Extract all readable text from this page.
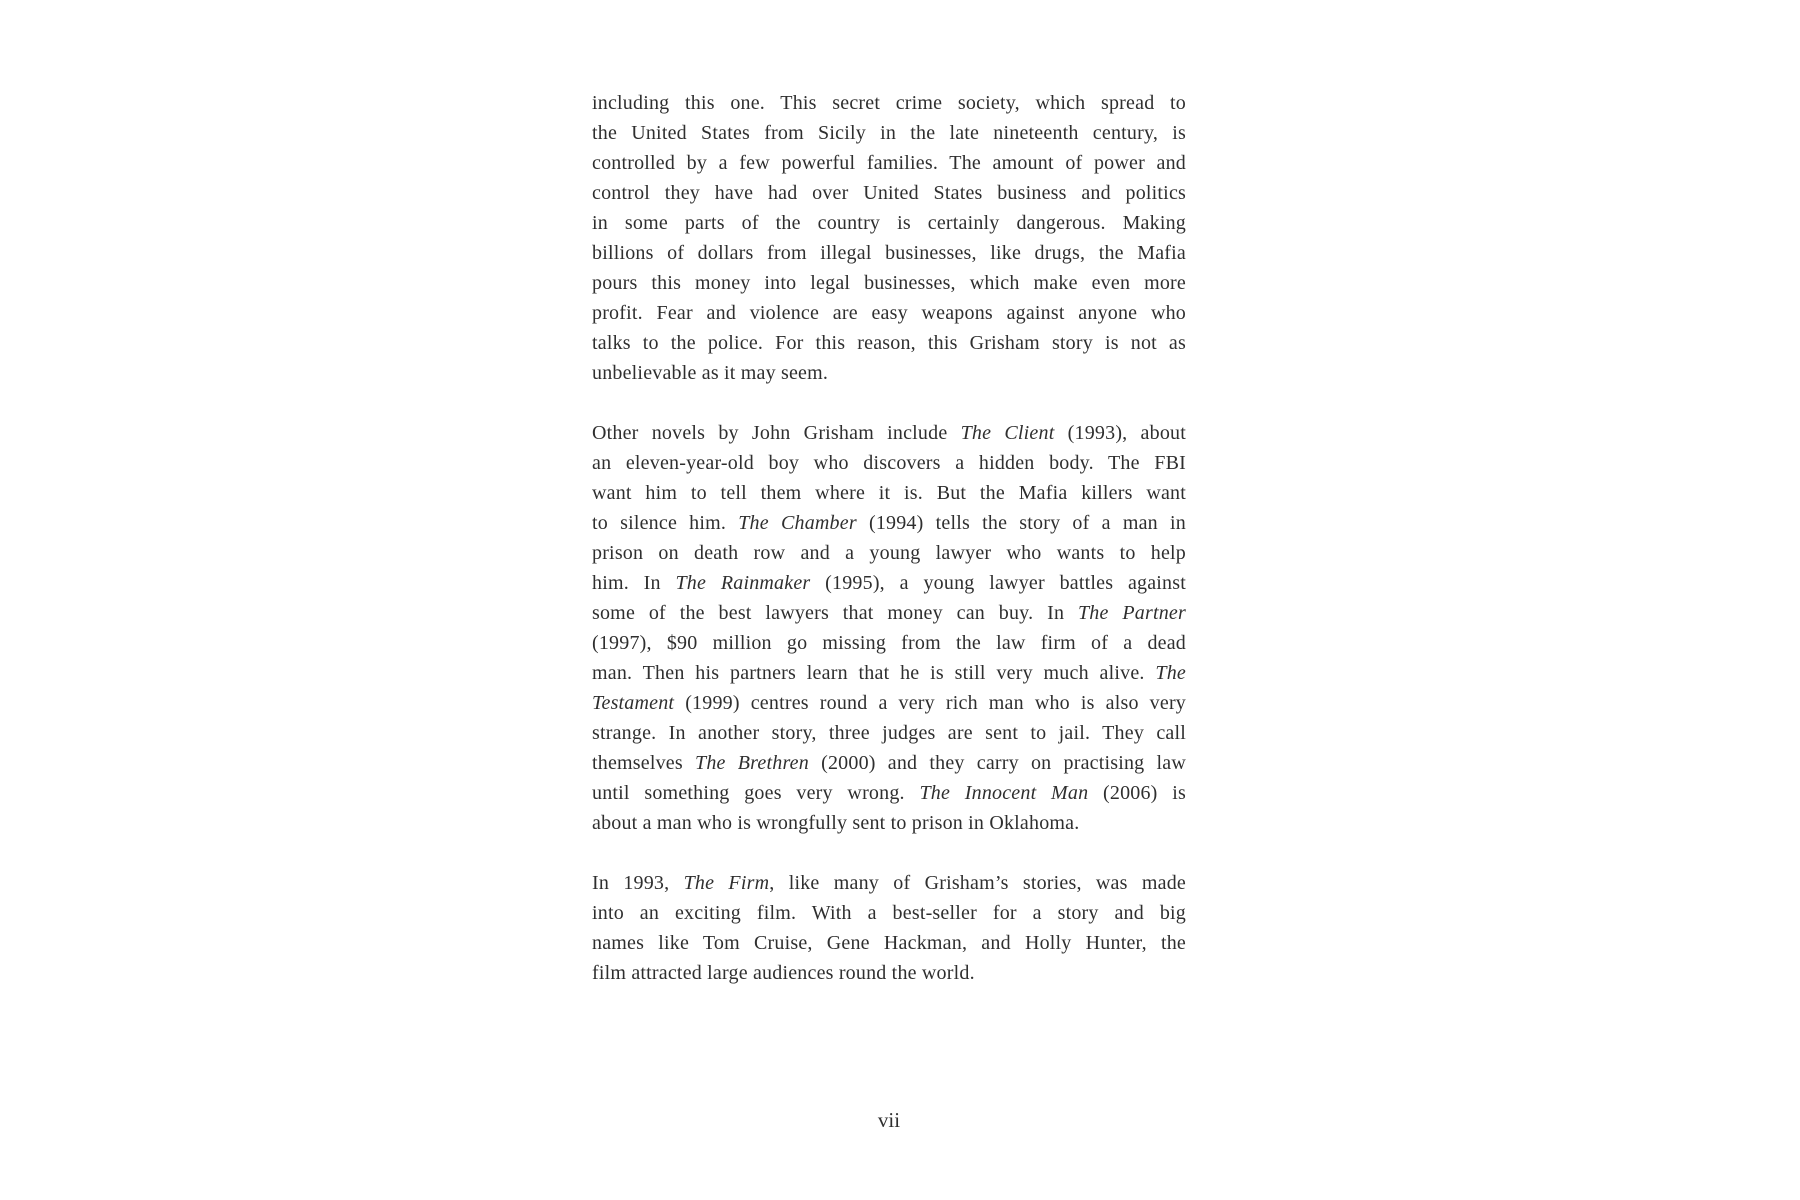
including this one. This secret crime society, which spread to
the United States from Sicily in the late nineteenth century, is
controlled by a few powerful families. The amount of power and
control they have had over United States business and politics
in some parts of the country is certainly dangerous. Making
billions of dollars from illegal businesses, like drugs, the Mafia
pours this money into legal businesses, which make even more
profit. Fear and violence are easy weapons against anyone who
talks to the police. For this reason, this Grisham story is not as
unbelievable as it may seem.
Other novels by John Grisham include The Client (1993), about
an eleven-year-old boy who discovers a hidden body. The FBI
want him to tell them where it is. But the Mafia killers want
to silence him. The Chamber (1994) tells the story of a man in
prison on death row and a young lawyer who wants to help
him. In The Rainmaker (1995), a young lawyer battles against
some of the best lawyers that money can buy. In The Partner
(1997), $90 million go missing from the law firm of a dead
man. Then his partners learn that he is still very much alive. The
Testament (1999) centres round a very rich man who is also very
strange. In another story, three judges are sent to jail. They call
themselves The Brethren (2000) and they carry on practising law
until something goes very wrong. The Innocent Man (2006) is
about a man who is wrongfully sent to prison in Oklahoma.
In 1993, The Firm, like many of Grisham’s stories, was made
into an exciting film. With a best-seller for a story and big
names like Tom Cruise, Gene Hackman, and Holly Hunter, the
film attracted large audiences round the world.
vii
